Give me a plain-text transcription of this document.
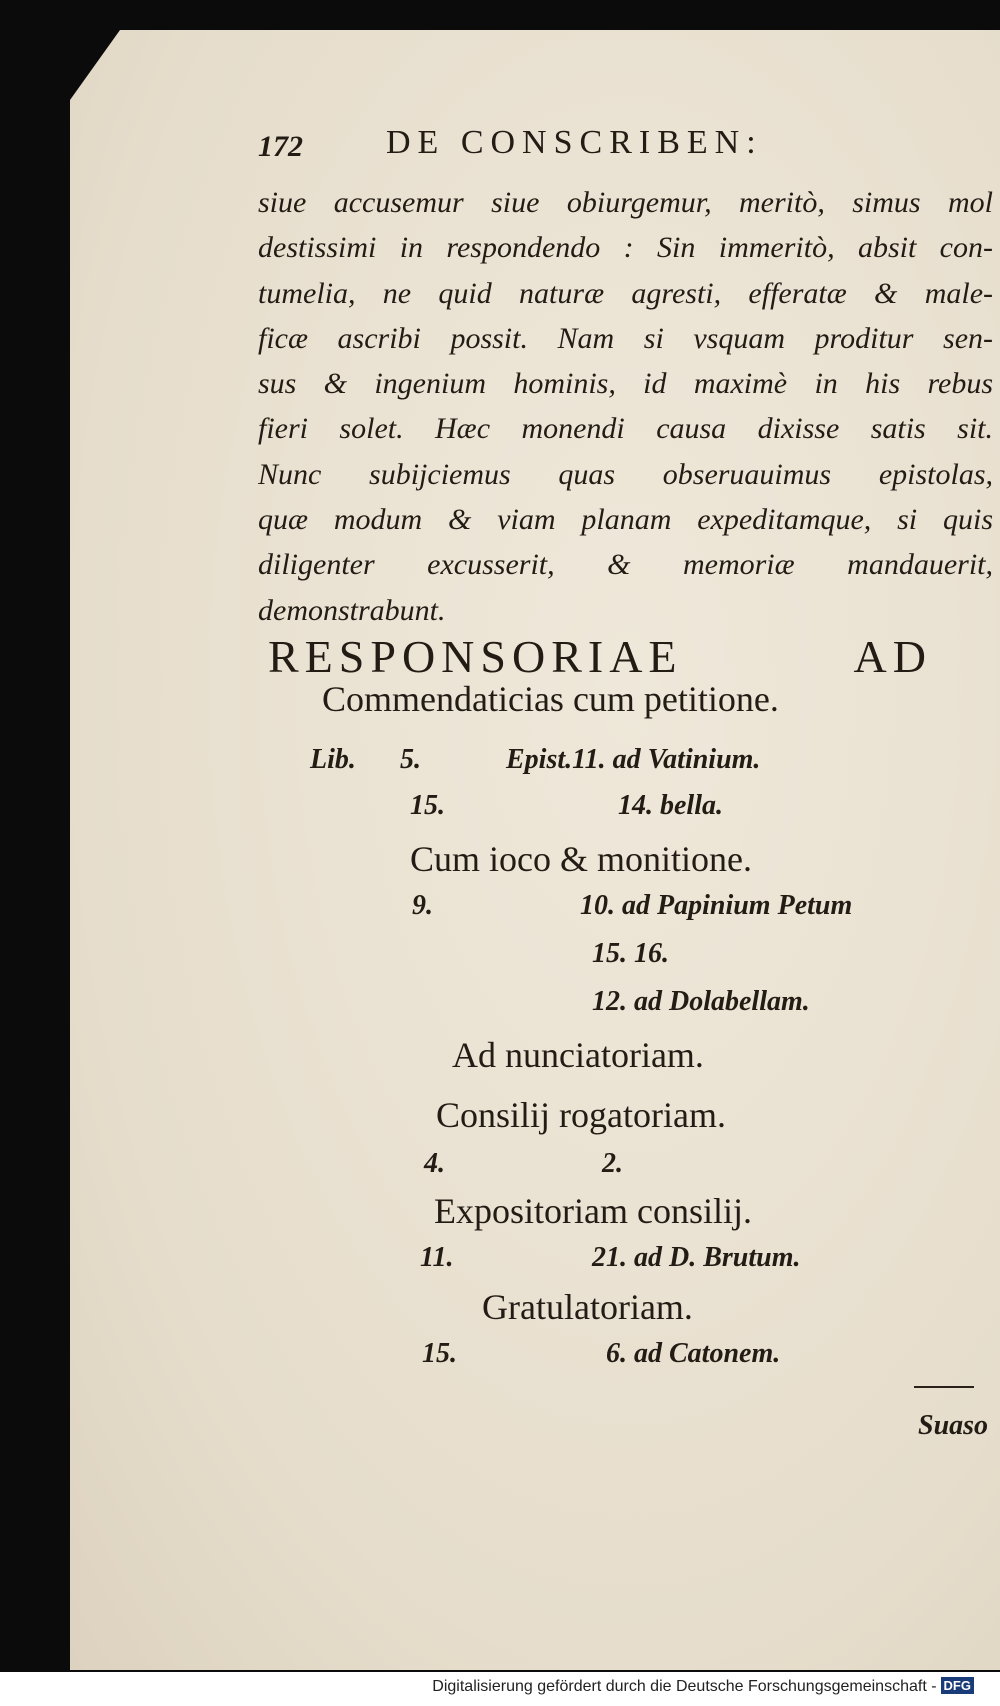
172 DE CONSCRIBEN:
siue accusemur siue obiurgemur, meritò, simus mol
destissimi in respondendo : Sin immeritò, absit con-
tumelia, ne quid naturæ agresti, efferatæ & male-
ficæ ascribi possit. Nam si vsquam proditur sen-
sus & ingenium hominis, id maximè in his rebus
fieri solet. Hæc monendi causa dixisse satis sit.
Nunc subijciemus quas obseruauimus epistolas,
quæ modum & viam planam expeditamque, si quis
diligenter excusserit, & memoriæ mandauerit,
demonstrabunt.
RESPONSORIAE AD
Commendaticias cum petitione.
Lib. 5.	Epist.11. ad Vatinium.
15.	14. bella.
Cum ioco & monitione.
9.	10. ad Papinium Petum
15. 16.
12. ad Dolabellam.
Ad nunciatoriam.
Consilij rogatoriam.
4.	2.
Expositoriam consilij.
11.	21. ad D. Brutum.
Gratulatoriam.
15.	6. ad Catonem.
Suaso
Digitalisierung gefördert durch die Deutsche Forschungsgemeinschaft - DFG
